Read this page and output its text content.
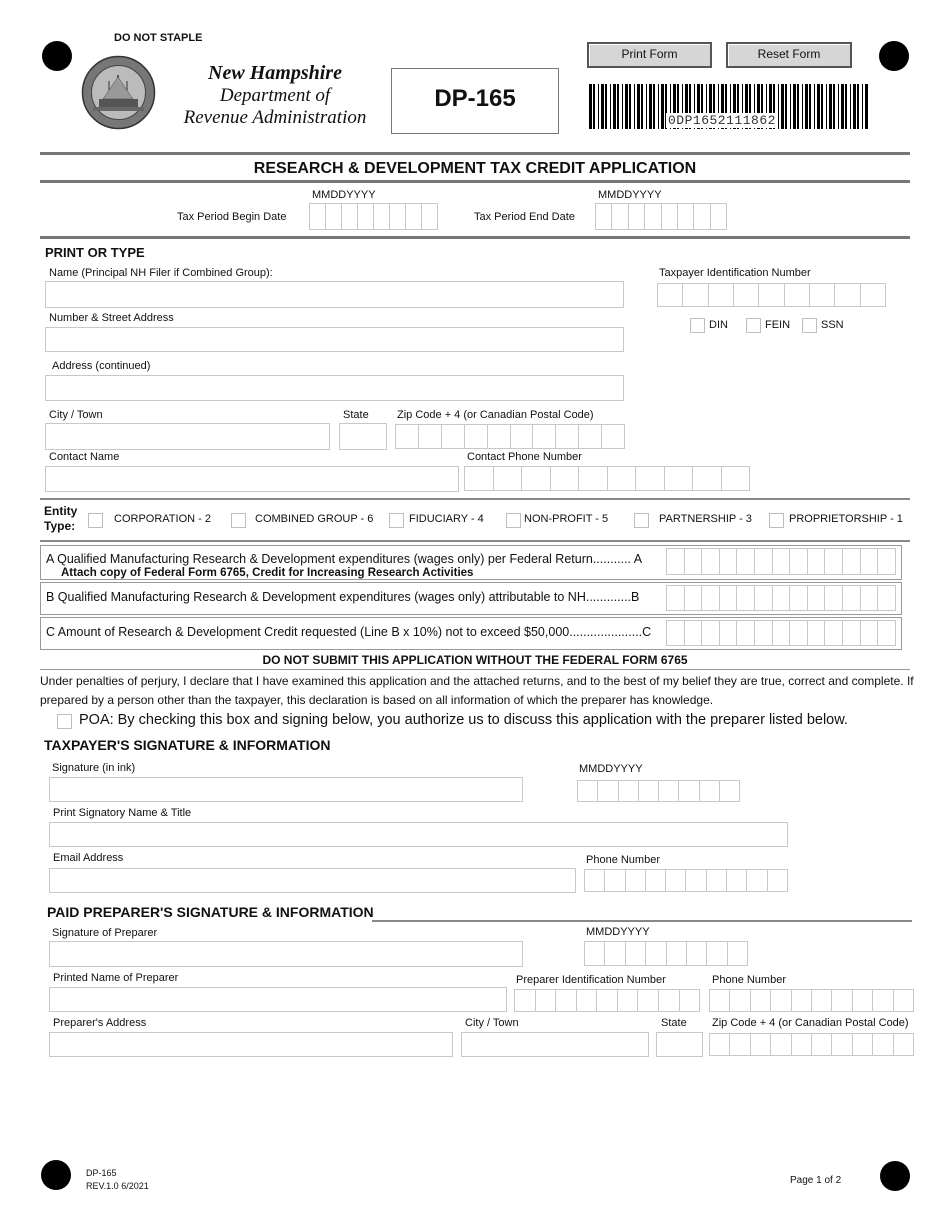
DO NOT STAPLE
New Hampshire
Department of
Revenue Administration
DP-165
Print Form	Reset Form
0DP1652111862
RESEARCH & DEVELOPMENT TAX CREDIT APPLICATION
MMDDYYYY
Tax Period Begin Date
MMDDYYYY
Tax Period End Date
PRINT OR TYPE
Name (Principal NH Filer if Combined Group):	Taxpayer Identification Number
Number & Street Address
DIN	FEIN	SSN
Address (continued)
City / Town	State	Zip Code + 4 (or Canadian Postal Code)
Contact Name	Contact Phone Number
Entity
Type:	CORPORATION - 2	COMBINED GROUP - 6	FIDUCIARY - 4	NON-PROFIT - 5	PARTNERSHIP - 3	PROPRIETORSHIP - 1
A Qualified Manufacturing Research & Development expenditures (wages only) per Federal Return........... A
Attach copy of Federal Form 6765, Credit for Increasing Research Activities
B Qualified Manufacturing Research & Development expenditures (wages only) attributable to NH.............B
C Amount of Research & Development Credit requested (Line B x 10%) not to exceed $50,000.....................C
DO NOT SUBMIT THIS APPLICATION WITHOUT THE FEDERAL FORM 6765
Under penalties of perjury, I declare that I have examined this application and the attached returns, and to the best of my belief they are true, correct and complete. If
prepared by a person other than the taxpayer, this declaration is based on all information of which the preparer has knowledge.
POA: By checking this box and signing below, you authorize us to discuss this application with the preparer listed below.
TAXPAYER'S SIGNATURE & INFORMATION
Signature (in ink)	MMDDYYYY
Print Signatory Name & Title
Email Address	Phone Number
PAID PREPARER'S SIGNATURE & INFORMATION
Signature of Preparer	MMDDYYYY
Printed Name of Preparer	Preparer Identification Number	Phone Number
Preparer's Address	City / Town	State Zip Code + 4 (or Canadian Postal Code)
DP-165
REV.1.0 6/2021	Page 1 of 2
